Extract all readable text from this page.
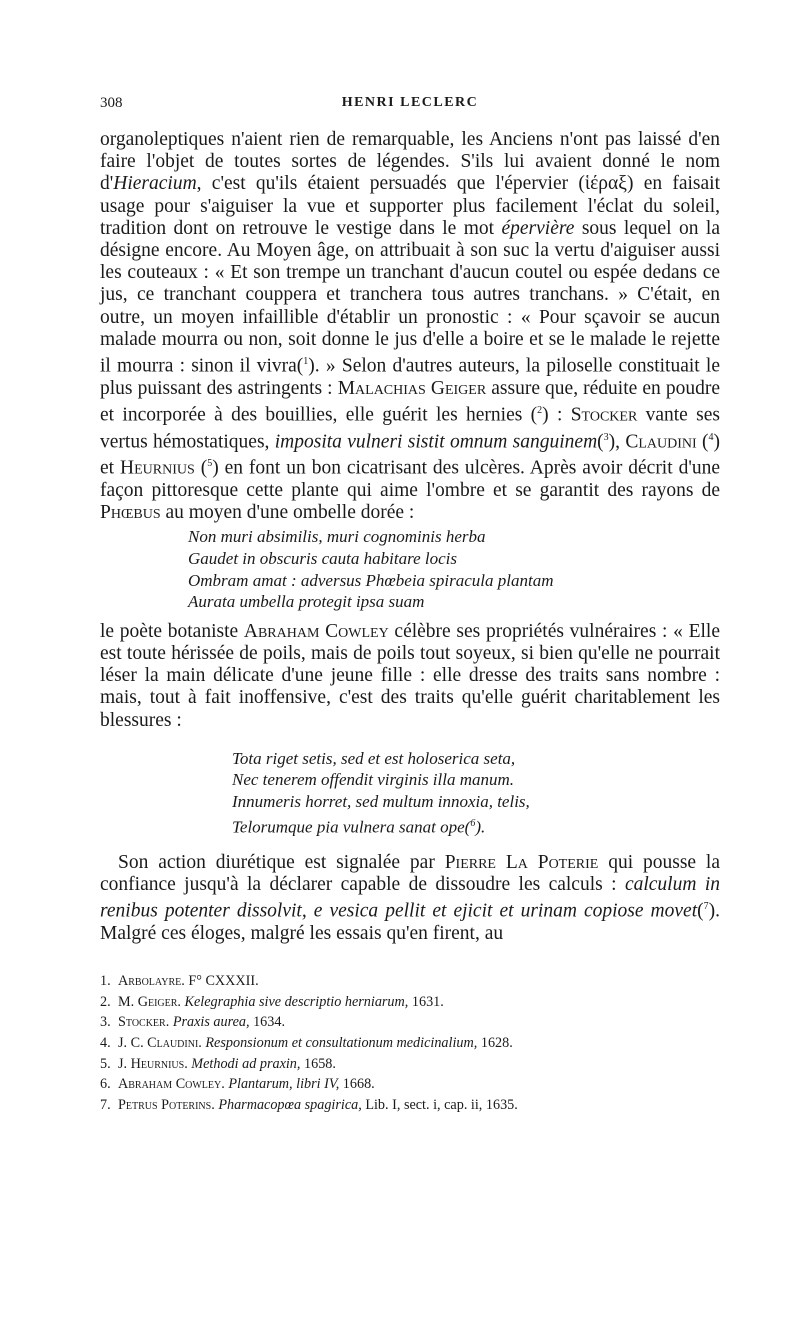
308	HENRI LECLERC

organoleptiques n'aient rien de remarquable, les Anciens n'ont pas laissé d'en faire l'objet de toutes sortes de légendes. S'ils lui avaient donné le nom d'Hieracium, c'est qu'ils étaient persuadés que l'épervier (ἱέραξ) en faisait usage pour s'aiguiser la vue et supporter plus facilement l'éclat du soleil, tradition dont on retrouve le vestige dans le mot épervière sous lequel on la désigne encore. Au Moyen âge, on attribuait à son suc la vertu d'aiguiser aussi les couteaux : « Et son trempe un tranchant d'aucun coutel ou espée dedans ce jus, ce tranchant couppera et tranchera tous autres tranchans. » C'était, en outre, un moyen infaillible d'établir un pronostic : « Pour sçavoir se aucun malade mourra ou non, soit donne le jus d'elle a boire et se le malade le rejette il mourra : sinon il vivra($^1$). » Selon d'autres auteurs, la piloselle constituait le plus puissant des astringents : Malachias Geiger assure que, réduite en poudre et incorporée à des bouillies, elle guérit les hernies ($^2$) : Stocker vante ses vertus hémostatiques, imposita vulneri sistit omnum sanguinem($^3$), Claudini ($^4$) et Heurnius ($^5$) en font un bon cicatrisant des ulcères. Après avoir décrit d'une façon pittoresque cette plante qui aime l'ombre et se garantit des rayons de Phœbus au moyen d'une ombelle dorée :

Non muri absimilis, muri cognominis herba
Gaudet in obscuris cauta habitare locis
Ombram amat : adversus Phœbeia spiracula plantam
Aurata umbella protegit ipsa suam

le poète botaniste Abraham Cowley célèbre ses propriétés vulnéraires : « Elle est toute hérissée de poils, mais de poils tout soyeux, si bien qu'elle ne pourrait léser la main délicate d'une jeune fille : elle dresse des traits sans nombre : mais, tout à fait inoffensive, c'est des traits qu'elle guérit charitablement les blessures :

Tota riget setis, sed et est holoserica seta,
Nec tenerem offendit virginis illa manum.
Innumeris horret, sed multum innoxia, telis,
Telorumque pia vulnera sanat ope($^6$).

Son action diurétique est signalée par Pierre La Poterie qui pousse la confiance jusqu'à la déclarer capable de dissoudre les calculs : calculum in renibus potenter dissolvit, e vesica pellit et ejicit et urinam copiose movet($^7$). Malgré ces éloges, malgré les essais qu'en firent, au

1. Arbolayre. F° CXXXII.
2. M. Geiger. Kelegraphia sive descriptio herniarum, 1631.
3. Stocker. Praxis aurea, 1634.
4. J. C. Claudini. Responsionum et consultationum medicinalium, 1628.
5. J. Heurnius. Methodi ad praxin, 1658.
6. Abraham Cowley. Plantarum, libri IV, 1668.
7. Petrus Poterins. Pharmacopœa spagirica, Lib. I, sect. i, cap. ii, 1635.
